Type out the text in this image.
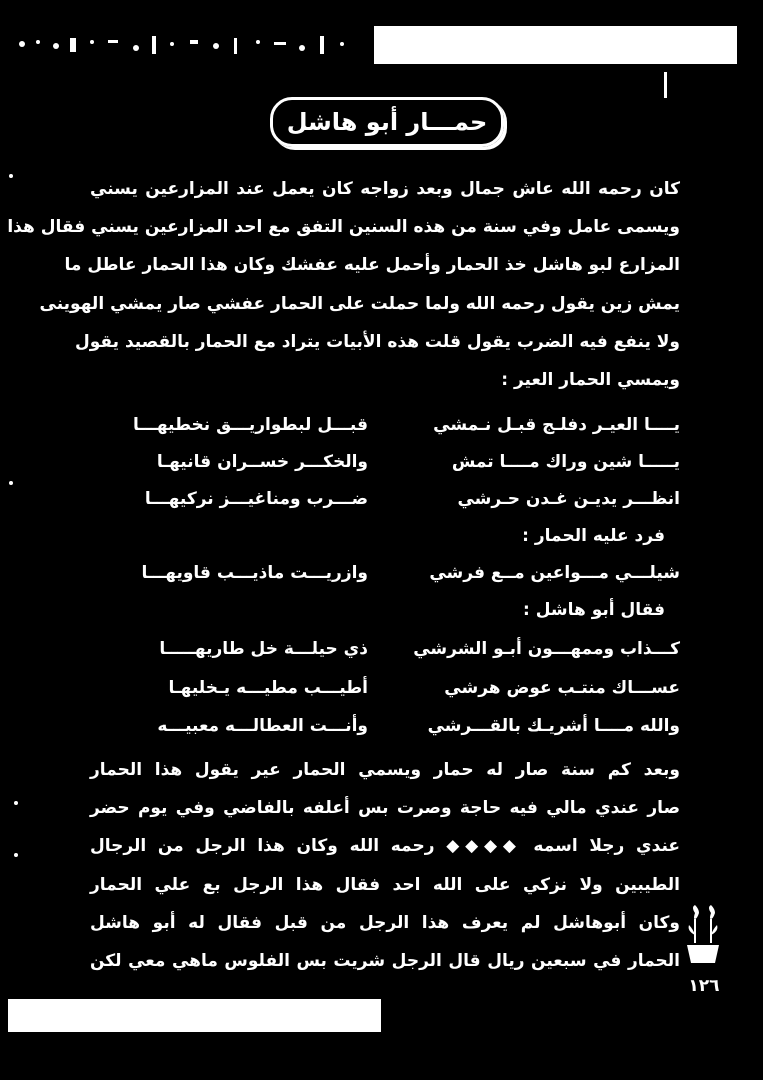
حمـــار أبو هاشل
كان رحمه الله عاش جمال وبعد زواجه كان يعمل عند المزارعين يسني
ويسمى عامل وفي سنة من هذه السنين التفق مع احد المزارعين يسني فقال هذا
المزارع لبو هاشل خذ الحمار وأحمل عليه عفشك وكان هذا الحمار عاطل ما
يمش زين يقول رحمه الله ولما حملت على الحمار عفشي صار يمشي الهوينى
ولا ينفع فيه الضرب يقول قلت هذه الأبيات يتراد مع الحمار بالقصيد يقول
ويمسي الحمار العير :
يــــا العيـر دفلـج قبـل نـمشي
قبـــل لبطواريـــق نخطيهـــا
يـــــا شين وراك مــــا تمش
والخكـــر خســران قانيهـا
انظـــر يديـن غـدن حـرشي
ضـــرب ومناغيـــز نركيهـــا
فرد عليه الحمار :
شيلـــي مـــواعين مــع فرشي
وازريـــت ماذيـــب قاويهـــا
فقال أبو هاشل :
كـــذاب وممهـــون أبـو الشرشي
ذي حيلـــة خل طاريهـــــا
عســـاك منتـب عوض هرشي
أطيـــب مطيـــه يـخليهـا
والله مــــا أشريـك بالقـــرشي
وأنـــت العطالـــه معبيـــه
وبعد كم سنة صار له حمار ويسمي الحمار عير يقول هذا الحمار
صار عندي مالي فيه حاجة وصرت بس أعلفه بالفاضي وفي يوم حضر
عندي رجلا اسمه ◆◆◆◆ رحمه الله وكان هذا الرجل من الرجال
الطيبين ولا نزكي على الله احد فقال هذا الرجل بع علي الحمار
وكان أبوهاشل لم يعرف هذا الرجل من قبل فقال له أبو هاشل
الحمار في سبعين ريال قال الرجل شريت بس الفلوس ماهي معي لكن
١٢٦
